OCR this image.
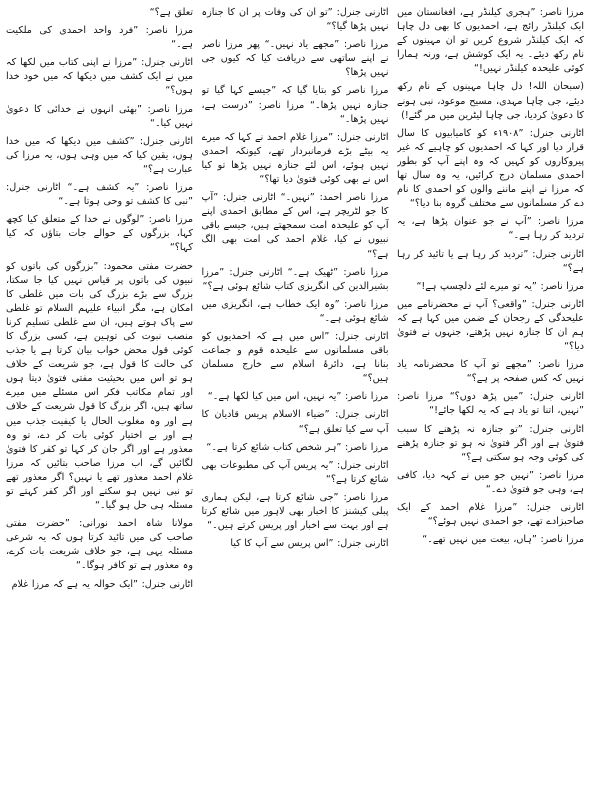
مرزا ناصر: ”ہجری کیلنڈر ہے، افغانستان میں ایک کیلنڈر رائج ہے، احمدیوں کا بھی دل چاہا کہ ایک کیلنڈر شروع کریں تو ان مہینوں کے نام رکھ دیئے۔ یہ ایک کوشش ہے، ورنہ ہمارا کوئی علیحدہ کیلنڈر نہیں!“

(سبحان اللہ! دل چاہا مہینوں کے نام رکھ دیئے، جی چاہا مہدی، مسیح موعود، نبی ہونے کا دعویٰ کردیا، جی چاہا لیٹرین میں مر گئے!)

اٹارنی جنرل: ”۱۹۰۸ء کو کامیابیوں کا سال قرار دیا اور کہا کہ احمدیوں کو چاہیے کہ غیر پیروکاروں کو کہیں کہ وہ اپنے آپ کو بطور احمدی مسلمان درج کرائیں، یہ وہ سال تھا کہ مرزا نے اپنے ماننے والوں کو احمدی کا نام دے کر مسلمانوں سے مختلف گروہ بنا دیا؟“

مرزا ناصر: ”آپ نے جو عنوان پڑھا ہے، یہ تردید کر رہا ہے۔“

اٹارنی جنرل: ”تردید کر رہا ہے یا تائید کر رہا ہے؟“

مرزا ناصر: ”یہ تو میرے لئے دلچسپ ہے!“

اٹارنی جنرل: ”واقعی؟ آپ نے محضرنامے میں علیحدگی کے رجحان کے ضمن میں کہا ہے کہ ہم ان کا جنازہ نہیں پڑھتے، جنہوں نے فتویٰ دیا؟“

مرزا ناصر: ”مجھے تو آپ کا محضرنامہ یاد نہیں کہ کس صفحہ پر ہے؟“

اٹارنی جنرل: ”میں پڑھ دوں؟“ مرزا ناصر: ”نہیں، اتنا تو یاد ہے کہ یہ لکھا جائے!“

اٹارنی جنرل: ”تو جنازہ نہ پڑھنے کا سبب فتویٰ ہے اور اگر فتویٰ نہ ہو تو جنازہ پڑھنے کی کوئی وجہ ہو سکتی ہے؟“

مرزا ناصر: ”نہیں جو میں نے کہہ دیا، کافی ہے، وہی جو فتویٰ دے۔“

اٹارنی جنرل: ”مرزا غلام احمد کے ایک صاحبزادے تھے، جو احمدی نہیں ہوئے؟“

مرزا ناصر: ”ہاں، بیعت میں نہیں تھے۔“

اٹارنی جنرل: ”تو ان کی وفات پر ان کا جنازہ نہیں پڑھا گیا؟“

مرزا ناصر: ”مجھے یاد نہیں۔“ پھر مرزا ناصر نے اپنے ساتھی سے دریافت کیا کہ کیوں جی نہیں پڑھا؟

مرزا ناصر کو بتایا گیا کہ ”جیسے کہا گیا تو جنازہ نہیں پڑھا۔“ مرزا ناصر: ”درست ہے، نہیں پڑھا۔“

اٹارنی جنرل: ”مرزا غلام احمد نے کہا کہ میرے یہ بیٹے بڑے فرمانبردار تھے، کیونکہ احمدی نہیں ہوئے، اس لئے جنازہ نہیں پڑھا تو کیا اس نے بھی کوئی فتویٰ دیا تھا؟“

مرزا ناصر احمد: ”نہیں۔“ اٹارنی جنرل: ”آپ کا جو لٹریچر ہے، اس کے مطابق احمدی اپنے آپ کو علیحدہ امت سمجھتے ہیں، جیسے باقی نبیوں نے کیا، غلام احمد کی امت بھی الگ ہے؟“

مرزا ناصر: ”ٹھیک ہے۔“ اٹارنی جنرل: ”مرزا بشیرالدین کی انگریزی کتاب شائع ہوئی ہے؟“

مرزا ناصر: ”وہ ایک خطاب ہے، انگریزی میں شائع ہوئی ہے۔“

اٹارنی جنرل: ”اس میں ہے کہ احمدیوں کو باقی مسلمانوں سے علیحدہ قوم و جماعت بنانا ہے، دائرۂ اسلام سے خارج مسلمان ہیں؟“

مرزا ناصر: ”یہ نہیں، اس میں کیا لکھا ہے۔“

اٹارنی جنرل: ”ضیاء الاسلام پریس قادیان کا آپ سے کیا تعلق ہے؟“

مرزا ناصر: ”ہر شخص کتاب شائع کرتا ہے۔“

اٹارنی جنرل: ”یہ پریس آپ کی مطبوعات بھی شائع کرتا ہے؟“

مرزا ناصر: ”جی شائع کرتا ہے، لیکن ہماری پبلی کیشنز کا اخبار بھی لاہور میں شائع کرتا ہے اور بہت سے اخبار اور پریس کرتے ہیں۔“

اٹارنی جنرل: ”اس پریس سے آپ کا کیا

تعلق ہے؟“

مرزا ناصر: ”فرد واحد احمدی کی ملکیت ہے۔“

اٹارنی جنرل: ”مرزا نے اپنی کتاب میں لکھا کہ میں نے ایک کشف میں دیکھا کہ میں خود خدا ہوں؟“

مرزا ناصر: ”بھئی انہوں نے خدائی کا دعویٰ نہیں کیا۔“

اٹارنی جنرل: ”کشف میں دیکھا کہ میں خدا ہوں، یقین کیا کہ میں وہی ہوں، یہ مرزا کی عبارت ہے؟“

مرزا ناصر: ”یہ کشف ہے۔“ اٹارنی جنرل: ”نبی کا کشف تو وحی ہوتا ہے۔“

مرزا ناصر: ”لوگوں نے خدا کے متعلق کیا کچھ کہا، بزرگوں کے حوالے جات بتاؤں کہ کیا کہا؟“

حضرت مفتی محمود: ”بزرگوں کی باتوں کو نبیوں کی باتوں پر قیاس نہیں کیا جا سکتا، بزرگ سے بڑے بزرگ کی بات میں غلطی کا امکان ہے، مگر انبیاء علیہم السلام تو غلطی سے پاک ہوتے ہیں، ان سے غلطی تسلیم کرنا منصب نبوت کی توہین ہے، کسی بزرگ کا کوئی قول محض خواب بیان کرتا ہے یا جذب کی حالت کا قول ہے، جو شریعت کے خلاف ہو تو اس میں بحیثیت مفتی فتویٰ دیتا ہوں اور تمام مکاتب فکر اس مسئلے میں میرے ساتھ ہیں، اگر بزرگ کا قول شریعت کے خلاف ہے اور وہ مغلوب الحال یا کیفیت جذب میں ہے اور بے اختیار کوئی بات کر دے، تو وہ معذور ہے اور اگر جان کر کہا تو کفر کا فتویٰ لگائیں گے، اب مرزا صاحب بتائیں کہ مرزا غلام احمد معذور تھے یا نہیں؟ اگر معذور تھے تو نبی نہیں ہو سکتے اور اگر کفر کہتے تو مسئلہ ہی حل ہو گیا۔“

مولانا شاہ احمد نورانی: ”حضرت مفتی صاحب کی میں تائید کرتا ہوں کہ یہ شرعی مسئلہ یہی ہے، جو خلاف شریعت بات کرے، وہ معذور ہے تو کافر ہوگا۔“

اٹارنی جنرل: ”ایک حوالہ یہ ہے کہ مرزا غلام
